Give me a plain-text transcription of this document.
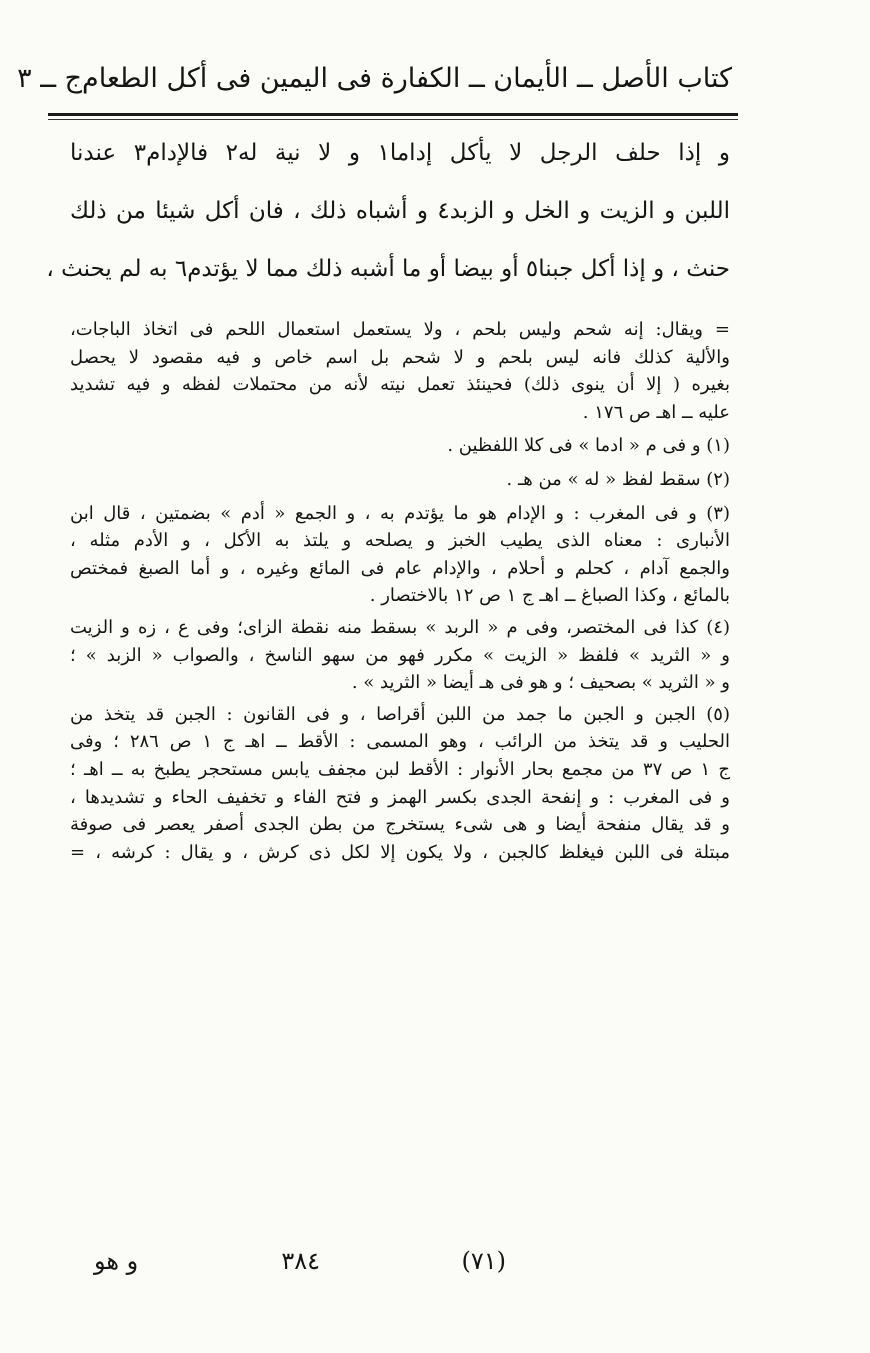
كتاب الأصل ــ الأيمان ــ الكفارة فى اليمين فى أكل الطعام
ج ــ ٣
و إذا حلف الرجل لا يأكل إداما١ و لا نية له٢ فالإدام٣ عندنا
اللبن و الزيت و الخل و الزبد٤ و أشباه ذلك ، فان أكل شيئا من ذلك
حنث ، و إذا أكل جبنا٥ أو بيضا أو ما أشبه ذلك مما لا يؤتدم٦ به لم يحنث ،
= ويقال: إنه شحم وليس بلحم ، ولا يستعمل استعمال اللحم فى اتخاذ الباجات،
والألية كذلك فانه ليس بلحم و لا شحم بل اسم خاص و فيه مقصود لا يحصل
بغيره ( إلا أن ينوى ذلك) فحينئذ تعمل نيته لأنه من محتملات لفظه و فيه تشديد
عليه ــ اهـ ص ١٧٦ .
(١) و فى م « ادما » فى كلا اللفظين .
(٢) سقط لفظ « له » من هـ .
(٣) و فى المغرب : و الإدام هو ما يؤتدم به ، و الجمع « أدم » بضمتين ، قال ابن
الأنبارى : معناه الذى يطيب الخبز و يصلحه و يلتذ به الأكل ، و الأدم مثله ،
والجمع آدام ، كحلم و أحلام ، والإدام عام فى المائع وغيره ، و أما الصبغ فمختص
بالمائع ، وكذا الصباغ ــ اهـ ج ١ ص ١٢ بالاختصار .
(٤) كذا فى المختصر، وفى م « الربد » بسقط منه نقطة الزاى؛ وفى ع ، زه و الزيت
و « الثريد » فلفظ « الزيت » مكرر فهو من سهو الناسخ ، والصواب « الزبد » ؛
و « الثريد » بصحيف ؛ و هو فى هـ أيضا « الثريد » .
(٥) الجبن و الجبن ما جمد من اللبن أقراصا ، و فى القانون : الجبن قد يتخذ من
الحليب و قد يتخذ من الرائب ، وهو المسمى : الأقط ــ اهـ ج ١ ص ٢٨٦ ؛ وفى
ج ١ ص ٣٧ من مجمع بحار الأنوار : الأقط لبن مجفف يابس مستحجر يطبخ به ــ اهـ ؛
و فى المغرب : و إنفحة الجدى بكسر الهمز و فتح الفاء و تخفيف الحاء و تشديدها ،
و قد يقال منفحة أيضا و هى شىء يستخرج من بطن الجدى أصفر يعصر فى صوفة
مبتلة فى اللبن فيغلظ كالجبن ، ولا يكون إلا لكل ذى كرش ، و يقال : كرشه ، =
و هو	(٧١)
٣٨٤
